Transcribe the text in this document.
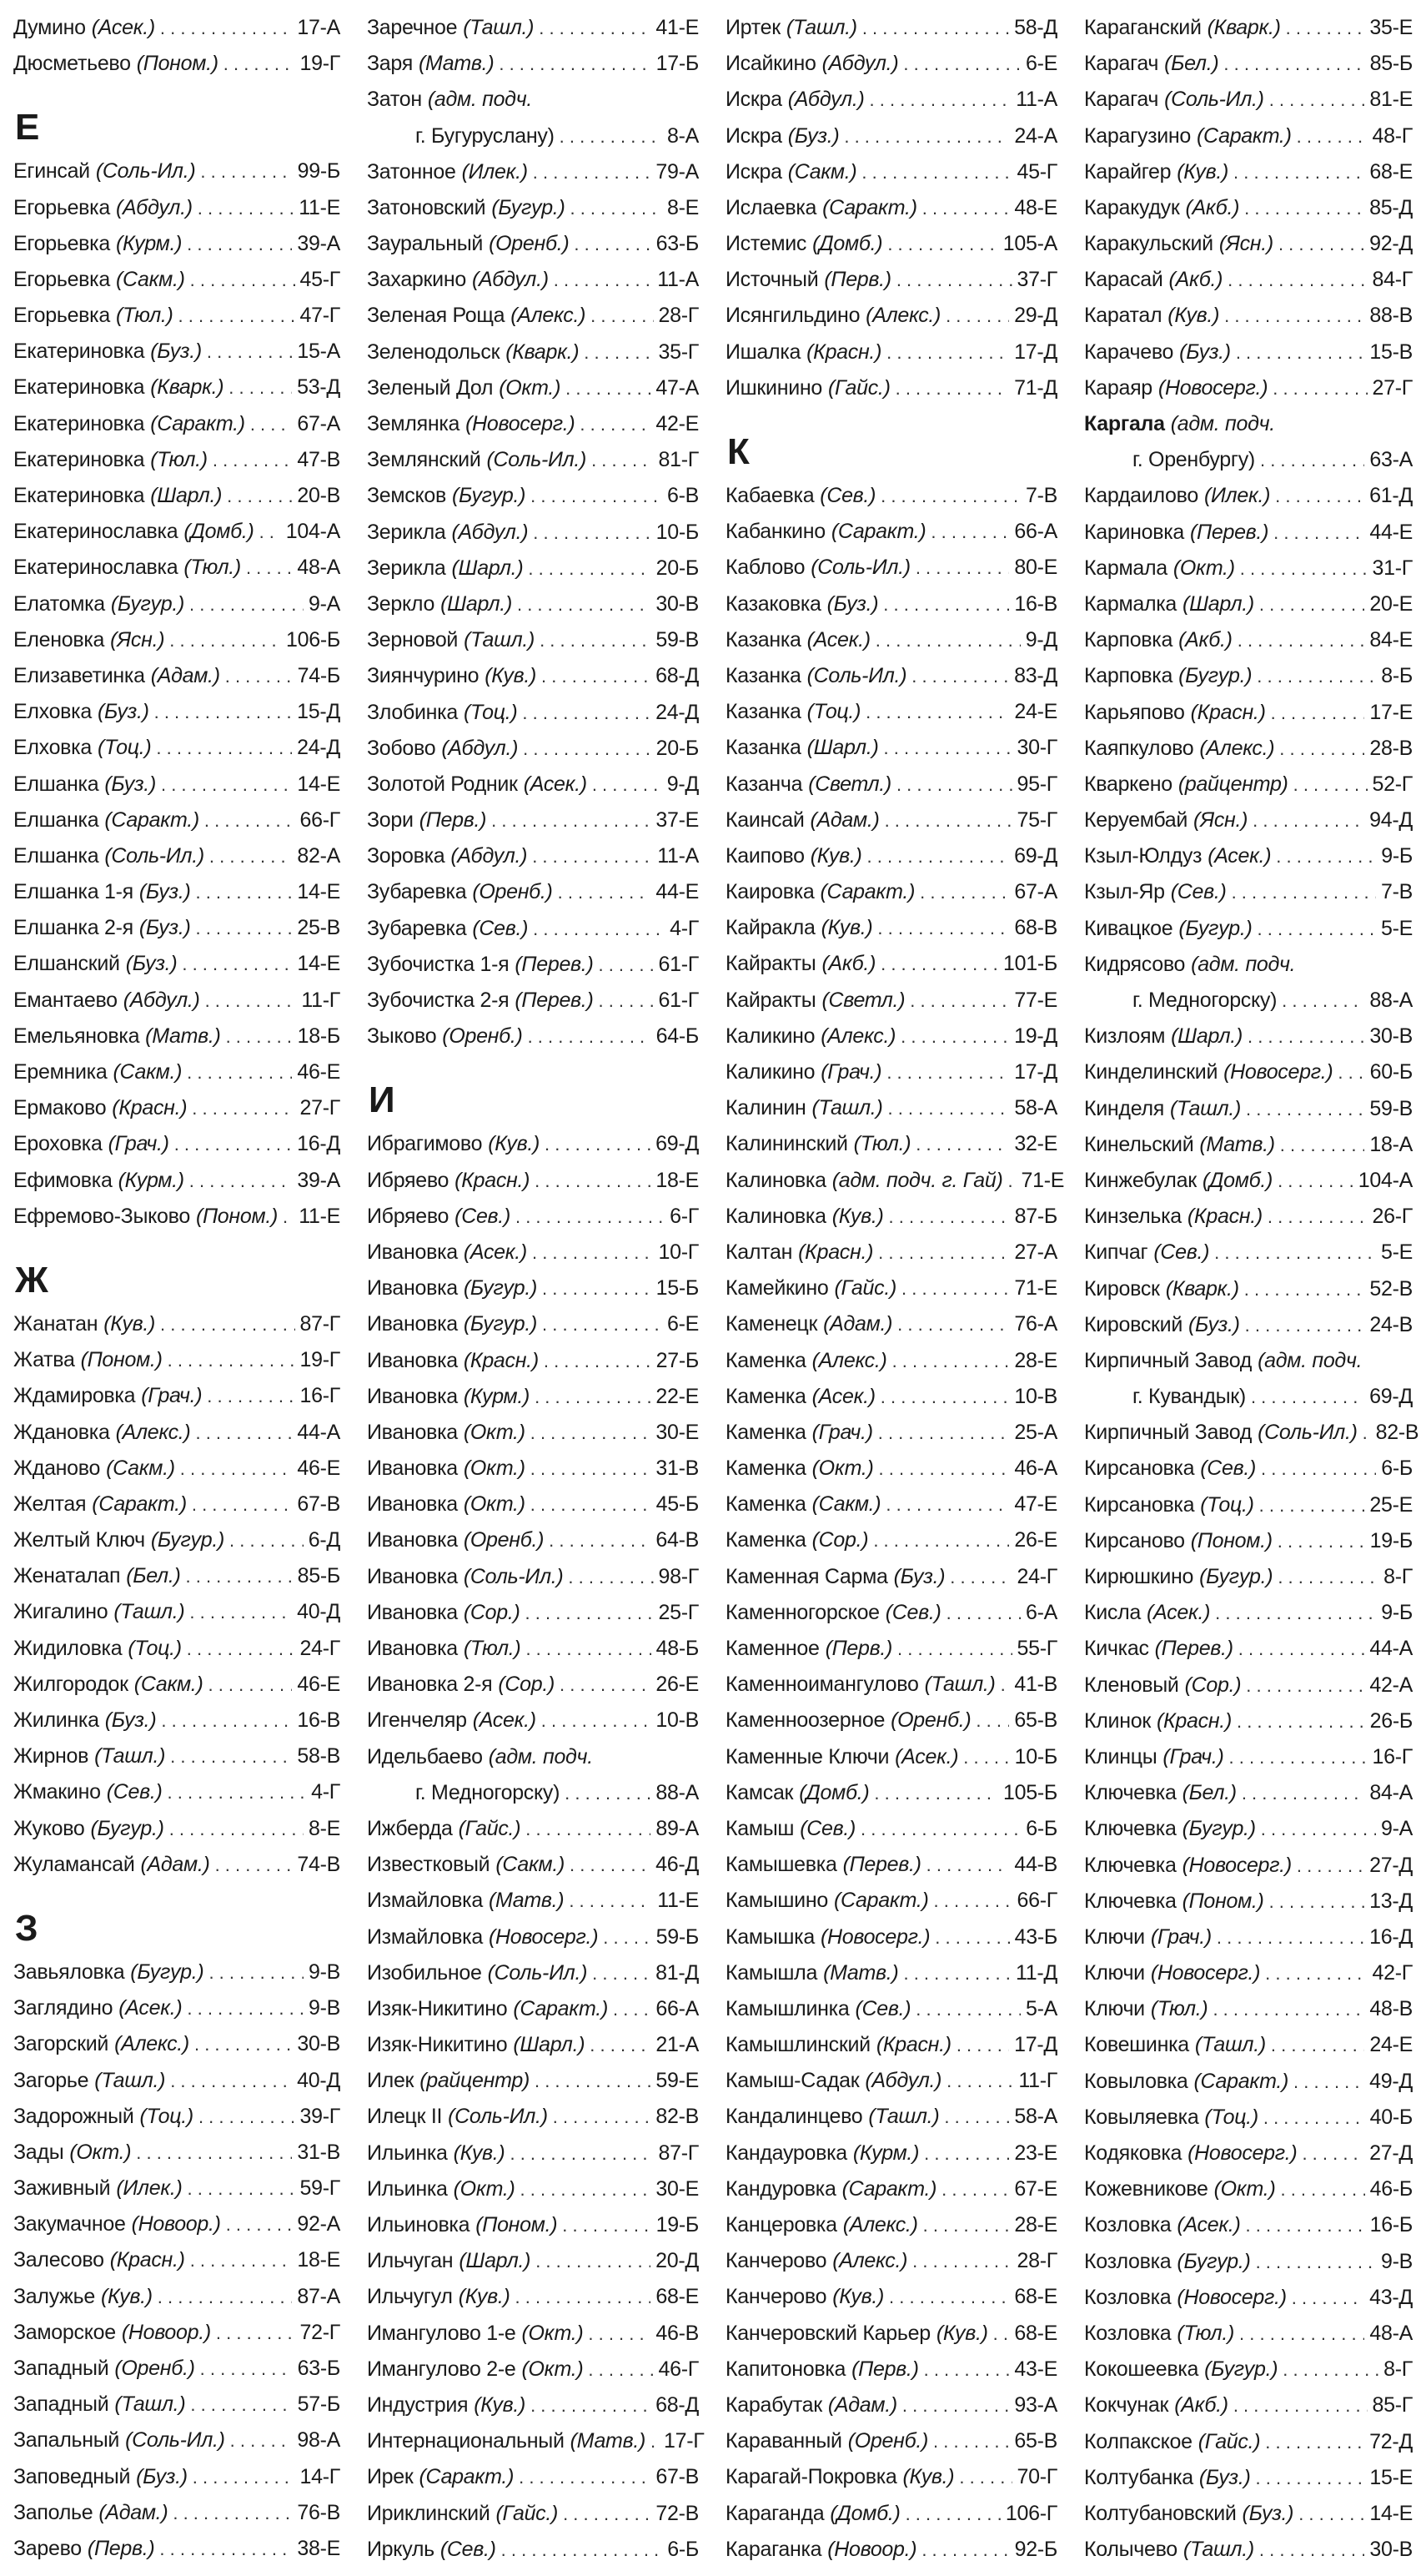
Думино (Асек.) . . .	17-А
Дюсметьево (Поном.) . . .	19-Г
Е
Егинсай (Соль-Ил.) . . .	99-Б
Егорьевка (Абдул.) . . .	11-Е
Егорьевка (Курм.) . . .	39-А
Егорьевка (Сакм.) . . .	45-Г
Егорьевка (Тюл.) . . .	47-Г
Екатериновка (Буз.) . . .	15-А
Екатериновка (Кварк.) . . .	53-Д
Екатериновка (Саракт.) . . .	67-А
Екатериновка (Тюл.) . . .	47-В
Екатериновка (Шарл.) . . .	20-В
Екатеринославка (Домб.) . . . 104-А
Екатеринославка (Тюл.) . . .	48-А
Елатомка (Бугур.) . . .	9-А
Еленовка (Ясн.) . . .	106-Б
Елизаветинка (Адам.) . . .	74-Б
Елховка (Буз.) . . .	15-Д
Елховка (Тоц.) . . .	24-Д
Елшанка (Буз.) . . .	14-Е
Елшанка (Саракт.) . . .	66-Г
Елшанка (Соль-Ил.) . . .	82-А
Елшанка 1-я (Буз.) . . .	14-Е
Елшанка 2-я (Буз.) . . .	25-В
Елшанский (Буз.) . . .	14-Е
Емантаево (Абдул.) . . .	11-Г
Емельяновка (Матв.) . . .	18-Б
Еремника (Сакм.) . . .	46-Е
Ермаково (Красн.) . . .	27-Г
Ероховка (Грач.) . . .	16-Д
Ефимовка (Курм.) . . .	39-А
Ефремово-Зыково (Поном.) . . . 11-Е
Ж
Жанатан (Кув.) . . .	87-Г
Жатва (Поном.) . . .	19-Г
Ждамировка (Грач.) . . .	16-Г
Ждановка (Алекс.) . . .	44-А
Жданово (Сакм.) . . .	46-Е
Желтая (Саракт.) . . .	67-В
Желтый Ключ (Бугур.) . . .	6-Д
Женаталап (Бел.) . . .	85-Б
Жигалино (Ташл.) . . .	40-Д
Жидиловка (Тоц.) . . .	24-Г
Жилгородок (Сакм.) . . .	46-Е
Жилинка (Буз.) . . .	16-В
Жирнов (Ташл.) . . .	58-В
Жмакино (Сев.) . . .	4-Г
Жуково (Бугур.) . . .	8-Е
Жуламансай (Адам.) . . .	74-В
З
Завьяловка (Бугур.) . . .	9-В
Заглядино (Асек.) . . .	9-В
Загорский (Алекс.) . . .	30-В
Загорье (Ташл.) . . .	40-Д
Задорожный (Тоц.) . . .	39-Г
Зады (Окт.) . . .	31-В
Заживный (Илек.) . . .	59-Г
Закумачное (Новоор.) . . .	92-А
Залесово (Красн.) . . .	18-Е
Залужье (Кув.) . . .	87-А
Заморское (Новоор.) . . .	72-Г
Западный (Оренб.) . . .	63-Б
Западный (Ташл.) . . .	57-Б
Запальный (Соль-Ил.) . . .	98-А
Заповедный (Буз.) . . .	14-Г
Заполье (Адам.) . . .	76-В
Зарево (Перв.) . . .	38-Е
Заречное (Ташл.) . . .	41-Е
Заря (Матв.) . . .	17-Б
Затон (адм. подч.
г. Бугуруслану) . . .	8-А
Затонное (Илек.) . . .	79-А
Затоновский (Бугур.) . . .	8-Е
Зауральный (Оренб.) . . .	63-Б
Захаркино (Абдул.) . . .	11-А
Зеленая Роща (Алекс.) . . .	28-Г
Зеленодольск (Кварк.) . . .	35-Г
Зеленый Дол (Окт.) . . .	47-А
Землянка (Новосерг.) . . .	42-Е
Землянский (Соль-Ил.) . . .	81-Г
Земсков (Бугур.) . . .	6-В
Зерикла (Абдул.) . . .	10-Б
Зерикла (Шарл.) . . .	20-Б
Зеркло (Шарл.) . . .	30-В
Зерновой (Ташл.) . . .	59-В
Зиянчурино (Кув.) . . .	68-Д
Злобинка (Тоц.) . . .	24-Д
Зобово (Абдул.) . . .	20-Б
Золотой Родник (Асек.) . . .	9-Д
Зори (Перв.) . . .	37-Е
Зоровка (Абдул.) . . .	11-А
Зубаревка (Оренб.) . . .	44-Е
Зубаревка (Сев.) . . .	4-Г
Зубочистка 1-я (Перев.) . . .	61-Г
Зубочистка 2-я (Перев.) . . .	61-Г
Зыково (Оренб.) . . .	64-Б
И
Ибрагимово (Кув.) . . .	69-Д
Ибряево (Красн.) . . .	18-Е
Ибряево (Сев.) . . .	6-Г
Ивановка (Асек.) . . .	10-Г
Ивановка (Бугур.) . . .	15-Б
Ивановка (Бугур.) . . .	6-Е
Ивановка (Красн.) . . .	27-Б
Ивановка (Курм.) . . .	22-Е
Ивановка (Окт.) . . .	30-Е
Ивановка (Окт.) . . .	31-В
Ивановка (Окт.) . . .	45-Б
Ивановка (Оренб.) . . .	64-В
Ивановка (Соль-Ил.) . . .	98-Г
Ивановка (Сор.) . . .	25-Г
Ивановка (Тюл.) . . .	48-Б
Ивановка 2-я (Сор.) . . .	26-Е
Игенчеляр (Асек.) . . .	10-В
Идельбаево (адм. подч.
г. Медногорску) . . .	88-А
Ижберда (Гайс.) . . .	89-А
Известковый (Сакм.) . . .	46-Д
Измайловка (Матв.) . . .	11-Е
Измайловка (Новосерг.) . . .	59-Б
Изобильное (Соль-Ил.) . . .	81-Д
Изяк-Никитино (Саракт.) . . . 66-А
Изяк-Никитино (Шарл.) . . .	21-А
Илек (райцентр) . . .	59-Е
Илецк II (Соль-Ил.) . . .	82-В
Ильинка (Кув.) . . .	87-Г
Ильинка (Окт.) . . .	30-Е
Ильиновка (Поном.) . . .	19-Б
Ильчуган (Шарл.) . . .	20-Д
Ильчугул (Кув.) . . .	68-Е
Имангулово 1-е (Окт.) . . .	46-В
Имангулово 2-е (Окт.) . . .	46-Г
Индустрия (Кув.) . . .	68-Д
Интернациональный (Матв.) . . . 17-Г
Ирек (Саракт.) . . .	67-В
Ириклинский (Гайс.) . . .	72-В
Иркуль (Сев.) . . .	6-Б
Иртек (Ташл.) . . .	58-Д
Исайкино (Абдул.) . . .	6-Е
Искра (Абдул.) . . .	11-А
Искра (Буз.) . . .	24-А
Искра (Сакм.) . . .	45-Г
Ислаевка (Саракт.) . . .	48-Е
Истемис (Домб.) . . .	105-А
Источный (Перв.) . . .	37-Г
Исянгильдино (Алекс.) . . .	29-Д
Ишалка (Красн.) . . .	17-Д
Ишкинино (Гайс.) . . .	71-Д
К
Кабаевка (Сев.) . . .	7-В
Кабанкино (Саракт.) . . .	66-А
Каблово (Соль-Ил.) . . .	80-Е
Казаковка (Буз.) . . .	16-В
Казанка (Асек.) . . .	9-Д
Казанка (Соль-Ил.) . . .	83-Д
Казанка (Тоц.) . . .	24-Е
Казанка (Шарл.) . . .	30-Г
Казанча (Светл.) . . .	95-Г
Каинсай (Адам.) . . .	75-Г
Каипово (Кув.) . . .	69-Д
Каировка (Саракт.) . . .	67-А
Кайракла (Кув.) . . .	68-В
Кайракты (Акб.) . . .	101-Б
Кайракты (Светл.) . . .	77-Е
Каликино (Алекс.) . . .	19-Д
Каликино (Грач.) . . .	17-Д
Калинин (Ташл.) . . .	58-А
Калининский (Тюл.) . . .	32-Е
Калиновка (адм. подч. г. Гай) . . . 71-Е
Калиновка (Кув.) . . .	87-Б
Калтан (Красн.) . . .	27-А
Камейкино (Гайс.) . . .	71-Е
Каменецк (Адам.) . . .	76-А
Каменка (Алекс.) . . .	28-Е
Каменка (Асек.) . . .	10-В
Каменка (Грач.) . . .	25-А
Каменка (Окт.) . . .	46-А
Каменка (Сакм.) . . .	47-Е
Каменка (Сор.) . . .	26-Е
Каменная Сарма (Буз.) . . .	24-Г
Каменногорское (Сев.) . . .	6-А
Каменное (Перв.) . . .	55-Г
Каменноимангулово (Ташл.) . . . 41-В
Каменноозерное (Оренб.) . . . 65-В
Каменные Ключи (Асек.) . . .	10-Б
Камсак (Домб.) . . .	105-Б
Камыш (Сев.) . . .	6-Б
Камышевка (Перев.) . . .	44-В
Камышино (Саракт.) . . .	66-Г
Камышка (Новосерг.) . . .	43-Б
Камышла (Матв.) . . .	11-Д
Камышлинка (Сев.) . . .	5-А
Камышлинский (Красн.) . . .	17-Д
Камыш-Садак (Абдул.) . . .	11-Г
Кандалинцево (Ташл.) . . .	58-А
Кандауровка (Курм.) . . .	23-Е
Кандуровка (Саракт.) . . .	67-Е
Канцеровка (Алекс.) . . .	28-Е
Канчерово (Алекс.) . . .	28-Г
Канчерово (Кув.) . . .	68-Е
Канчеровский Карьер (Кув.) . . . 68-Е
Капитоновка (Перв.) . . .	43-Е
Карабутак (Адам.) . . .	93-А
Караванный (Оренб.) . . .	65-В
Карагай-Покровка (Кув.) . . .	70-Г
Караганда (Домб.) . . .	106-Г
Караганка (Новоор.) . . .	92-Б
Караганский (Кварк.) . . .	35-Е
Карагач (Бел.) . . .	85-Б
Карагач (Соль-Ил.) . . .	81-Е
Карагузино (Саракт.) . . .	48-Г
Карайгер (Кув.) . . .	68-Е
Каракудук (Акб.) . . .	85-Д
Каракульский (Ясн.) . . .	92-Д
Карасай (Акб.) . . .	84-Г
Каратал (Кув.) . . .	88-В
Карачево (Буз.) . . .	15-В
Караяр (Новосерг.) . . .	27-Г
Каргала (адм. подч.
г. Оренбургу) . . .	63-А
Кардаилово (Илек.) . . .	61-Д
Кариновка (Перев.) . . .	44-Е
Кармала (Окт.) . . .	31-Г
Кармалка (Шарл.) . . .	20-Е
Карповка (Акб.) . . .	84-Е
Карповка (Бугур.) . . .	8-Б
Карьяпово (Красн.) . . .	17-Е
Каяпкулово (Алекс.) . . .	28-В
Кваркено (райцентр) . . .	52-Г
Керуембай (Ясн.) . . .	94-Д
Кзыл-Юлдуз (Асек.) . . .	9-Б
Кзыл-Яр (Сев.) . . .	7-В
Кивацкое (Бугур.) . . .	5-Е
Кидрясово (адм. подч.
г. Медногорску) . . .	88-А
Кизлоям (Шарл.) . . .	30-В
Кинделинский (Новосерг.) . . . 60-Б
Кинделя (Ташл.) . . .	59-В
Кинельский (Матв.) . . .	18-А
Кинжебулак (Домб.) . . .	104-А
Кинзелька (Красн.) . . .	26-Г
Кипчаг (Сев.) . . .	5-Е
Кировск (Кварк.) . . .	52-В
Кировский (Буз.) . . .	24-В
Кирпичный Завод (адм. подч.
г. Кувандык) . . .	69-Д
Кирпичный Завод (Соль-Ил.) . . . 82-В
Кирсановка (Сев.) . . .	6-Б
Кирсановка (Тоц.) . . .	25-Е
Кирсаново (Поном.) . . .	19-Б
Кирюшкино (Бугур.) . . .	8-Г
Кисла (Асек.) . . .	9-Б
Кичкас (Перев.) . . .	44-А
Кленовый (Сор.) . . .	42-А
Клинок (Красн.) . . .	26-Б
Клинцы (Грач.) . . .	16-Г
Ключевка (Бел.) . . .	84-А
Ключевка (Бугур.) . . .	9-А
Ключевка (Новосерг.) . . .	27-Д
Ключевка (Поном.) . . .	13-Д
Ключи (Грач.) . . .	16-Д
Ключи (Новосерг.) . . .	42-Г
Ключи (Тюл.) . . .	48-В
Ковешинка (Ташл.) . . .	24-Е
Ковыловка (Саракт.) . . .	49-Д
Ковыляевка (Тоц.) . . .	40-Б
Кодяковка (Новосерг.) . . .	27-Д
Кожевникове (Окт.) . . .	46-Б
Козловка (Асек.) . . .	16-Б
Козловка (Бугур.) . . .	9-В
Козловка (Новосерг.) . . .	43-Д
Козловка (Тюл.) . . .	48-А
Кокошеевка (Бугур.) . . .	8-Г
Кокчунак (Акб.) . . .	85-Г
Колпакское (Гайс.) . . .	72-Д
Колтубанка (Буз.) . . .	15-Е
Колтубановский (Буз.) . . .	14-Е
Колычево (Ташл.) . . .	30-В
